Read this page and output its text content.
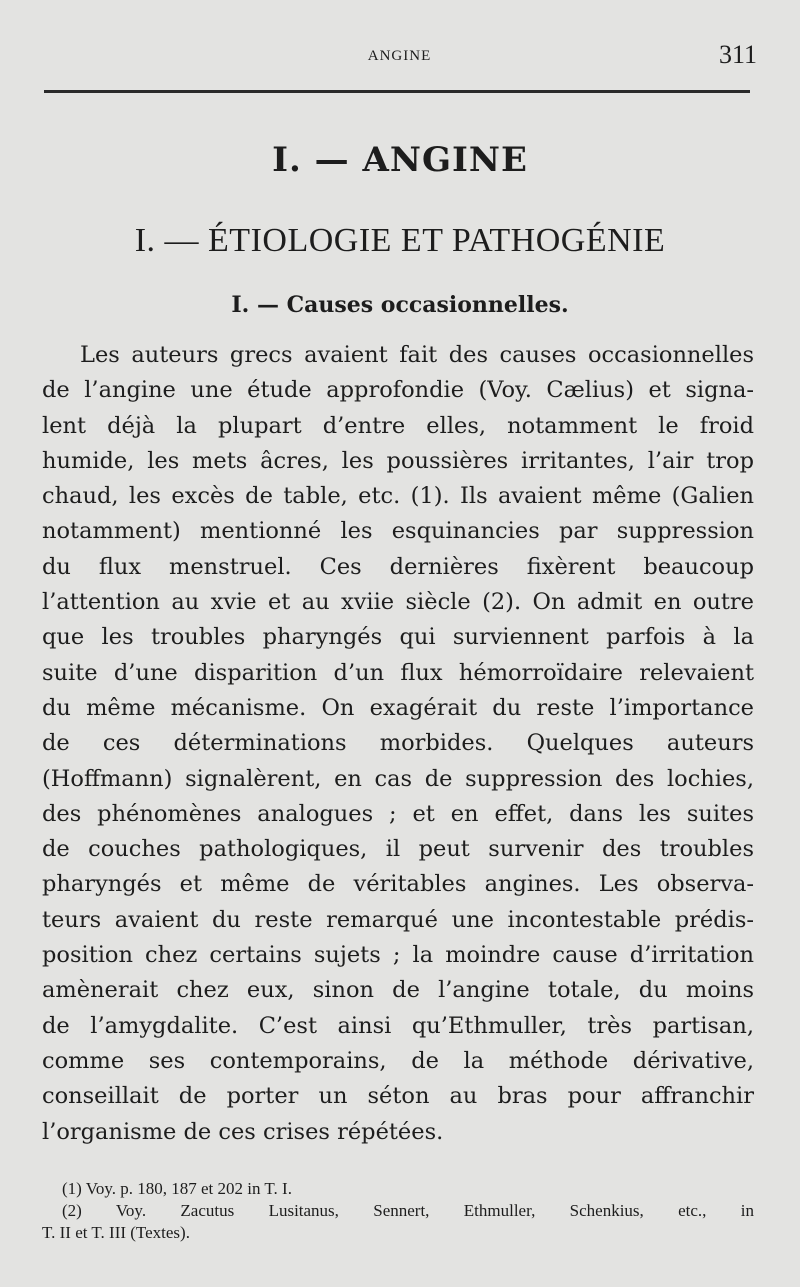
ANGINE	311
I. — ANGINE
I. — ÉTIOLOGIE ET PATHOGÉNIE
I. — Causes occasionnelles.
Les auteurs grecs avaient fait des causes occasionnelles
de l’angine une étude approfondie (Voy. Cælius) et signa-
lent déjà la plupart d’entre elles, notamment le froid
humide, les mets âcres, les poussières irritantes, l’air trop
chaud, les excès de table, etc. (1). Ils avaient même (Galien
notamment) mentionné les esquinancies par suppression
du flux menstruel. Ces dernières fixèrent beaucoup
l’attention au xvie et au xviie siècle (2). On admit en outre
que les troubles pharyngés qui surviennent parfois à la
suite d’une disparition d’un flux hémorroïdaire relevaient
du même mécanisme. On exagérait du reste l’importance
de ces déterminations morbides. Quelques auteurs
(Hoffmann) signalèrent, en cas de suppression des lochies,
des phénomènes analogues ; et en effet, dans les suites
de couches pathologiques, il peut survenir des troubles
pharyngés et même de véritables angines. Les observa-
teurs avaient du reste remarqué une incontestable prédis-
position chez certains sujets ; la moindre cause d’irritation
amènerait chez eux, sinon de l’angine totale, du moins
de l’amygdalite. C’est ainsi qu’Ethmuller, très partisan,
comme ses contemporains, de la méthode dérivative,
conseillait de porter un séton au bras pour affranchir
l’organisme de ces crises répétées.
(1) Voy. p. 180, 187 et 202 in T. I.
(2) Voy. Zacutus Lusitanus, Sennert, Ethmuller, Schenkius, etc., in
T. II et T. III (Textes).
